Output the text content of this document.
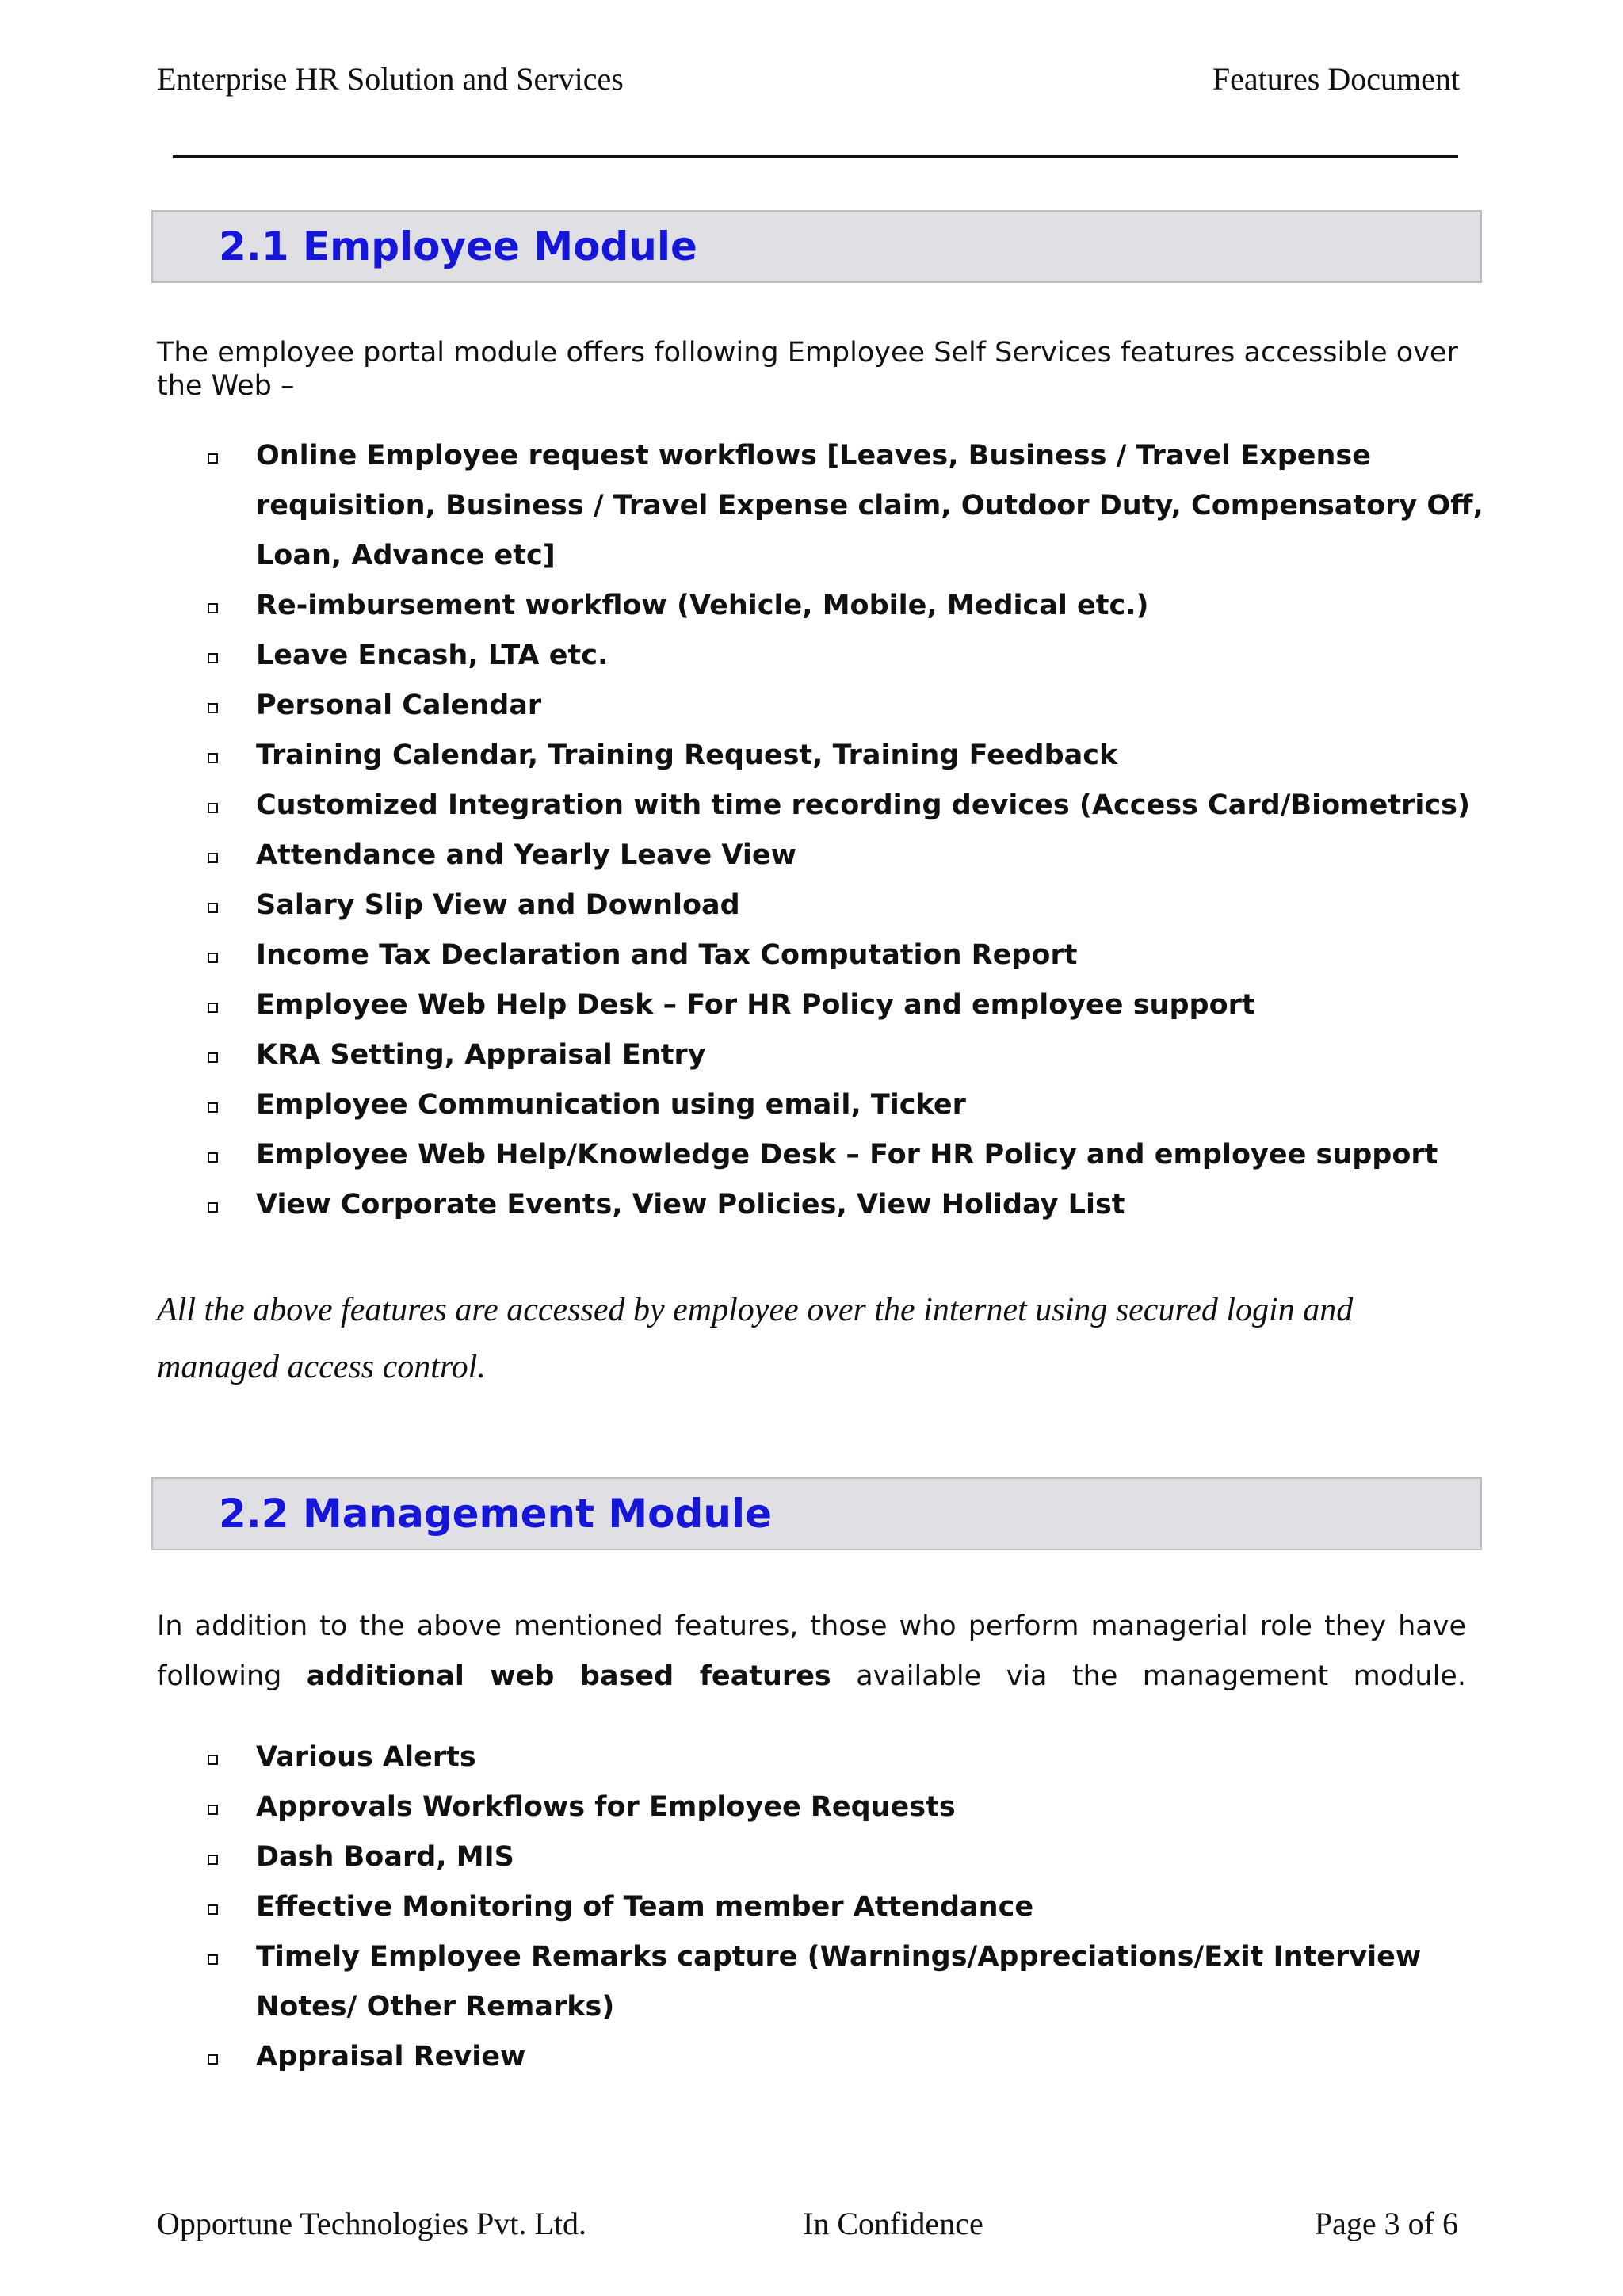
Enterprise HR Solution and Services	Features Document
2.1 Employee Module
The employee portal module offers following Employee Self Services features accessible over the Web –
Online Employee request workflows [Leaves, Business / Travel Expense requisition, Business / Travel Expense claim, Outdoor Duty, Compensatory Off, Loan, Advance etc]
Re-imbursement workflow (Vehicle, Mobile, Medical etc.)
Leave Encash, LTA etc.
Personal Calendar
Training Calendar, Training Request, Training Feedback
Customized Integration with time recording devices (Access Card/Biometrics)
Attendance and Yearly Leave View
Salary Slip View and Download
Income Tax Declaration and Tax Computation Report
Employee Web Help Desk – For HR Policy and employee support
KRA Setting, Appraisal Entry
Employee Communication using email, Ticker
Employee Web Help/Knowledge Desk – For HR Policy and employee support
View Corporate Events, View Policies, View Holiday List
All the above features are accessed by employee over the internet using secured login and managed access control.
2.2 Management Module
In addition to the above mentioned features, those who perform managerial role they have following additional web based features available via the management module.
Various Alerts
Approvals Workflows for Employee Requests
Dash Board, MIS
Effective Monitoring of Team member Attendance
Timely Employee Remarks capture (Warnings/Appreciations/Exit Interview Notes/ Other Remarks)
Appraisal Review
Opportune Technologies Pvt. Ltd.	In Confidence	Page 3 of 6
